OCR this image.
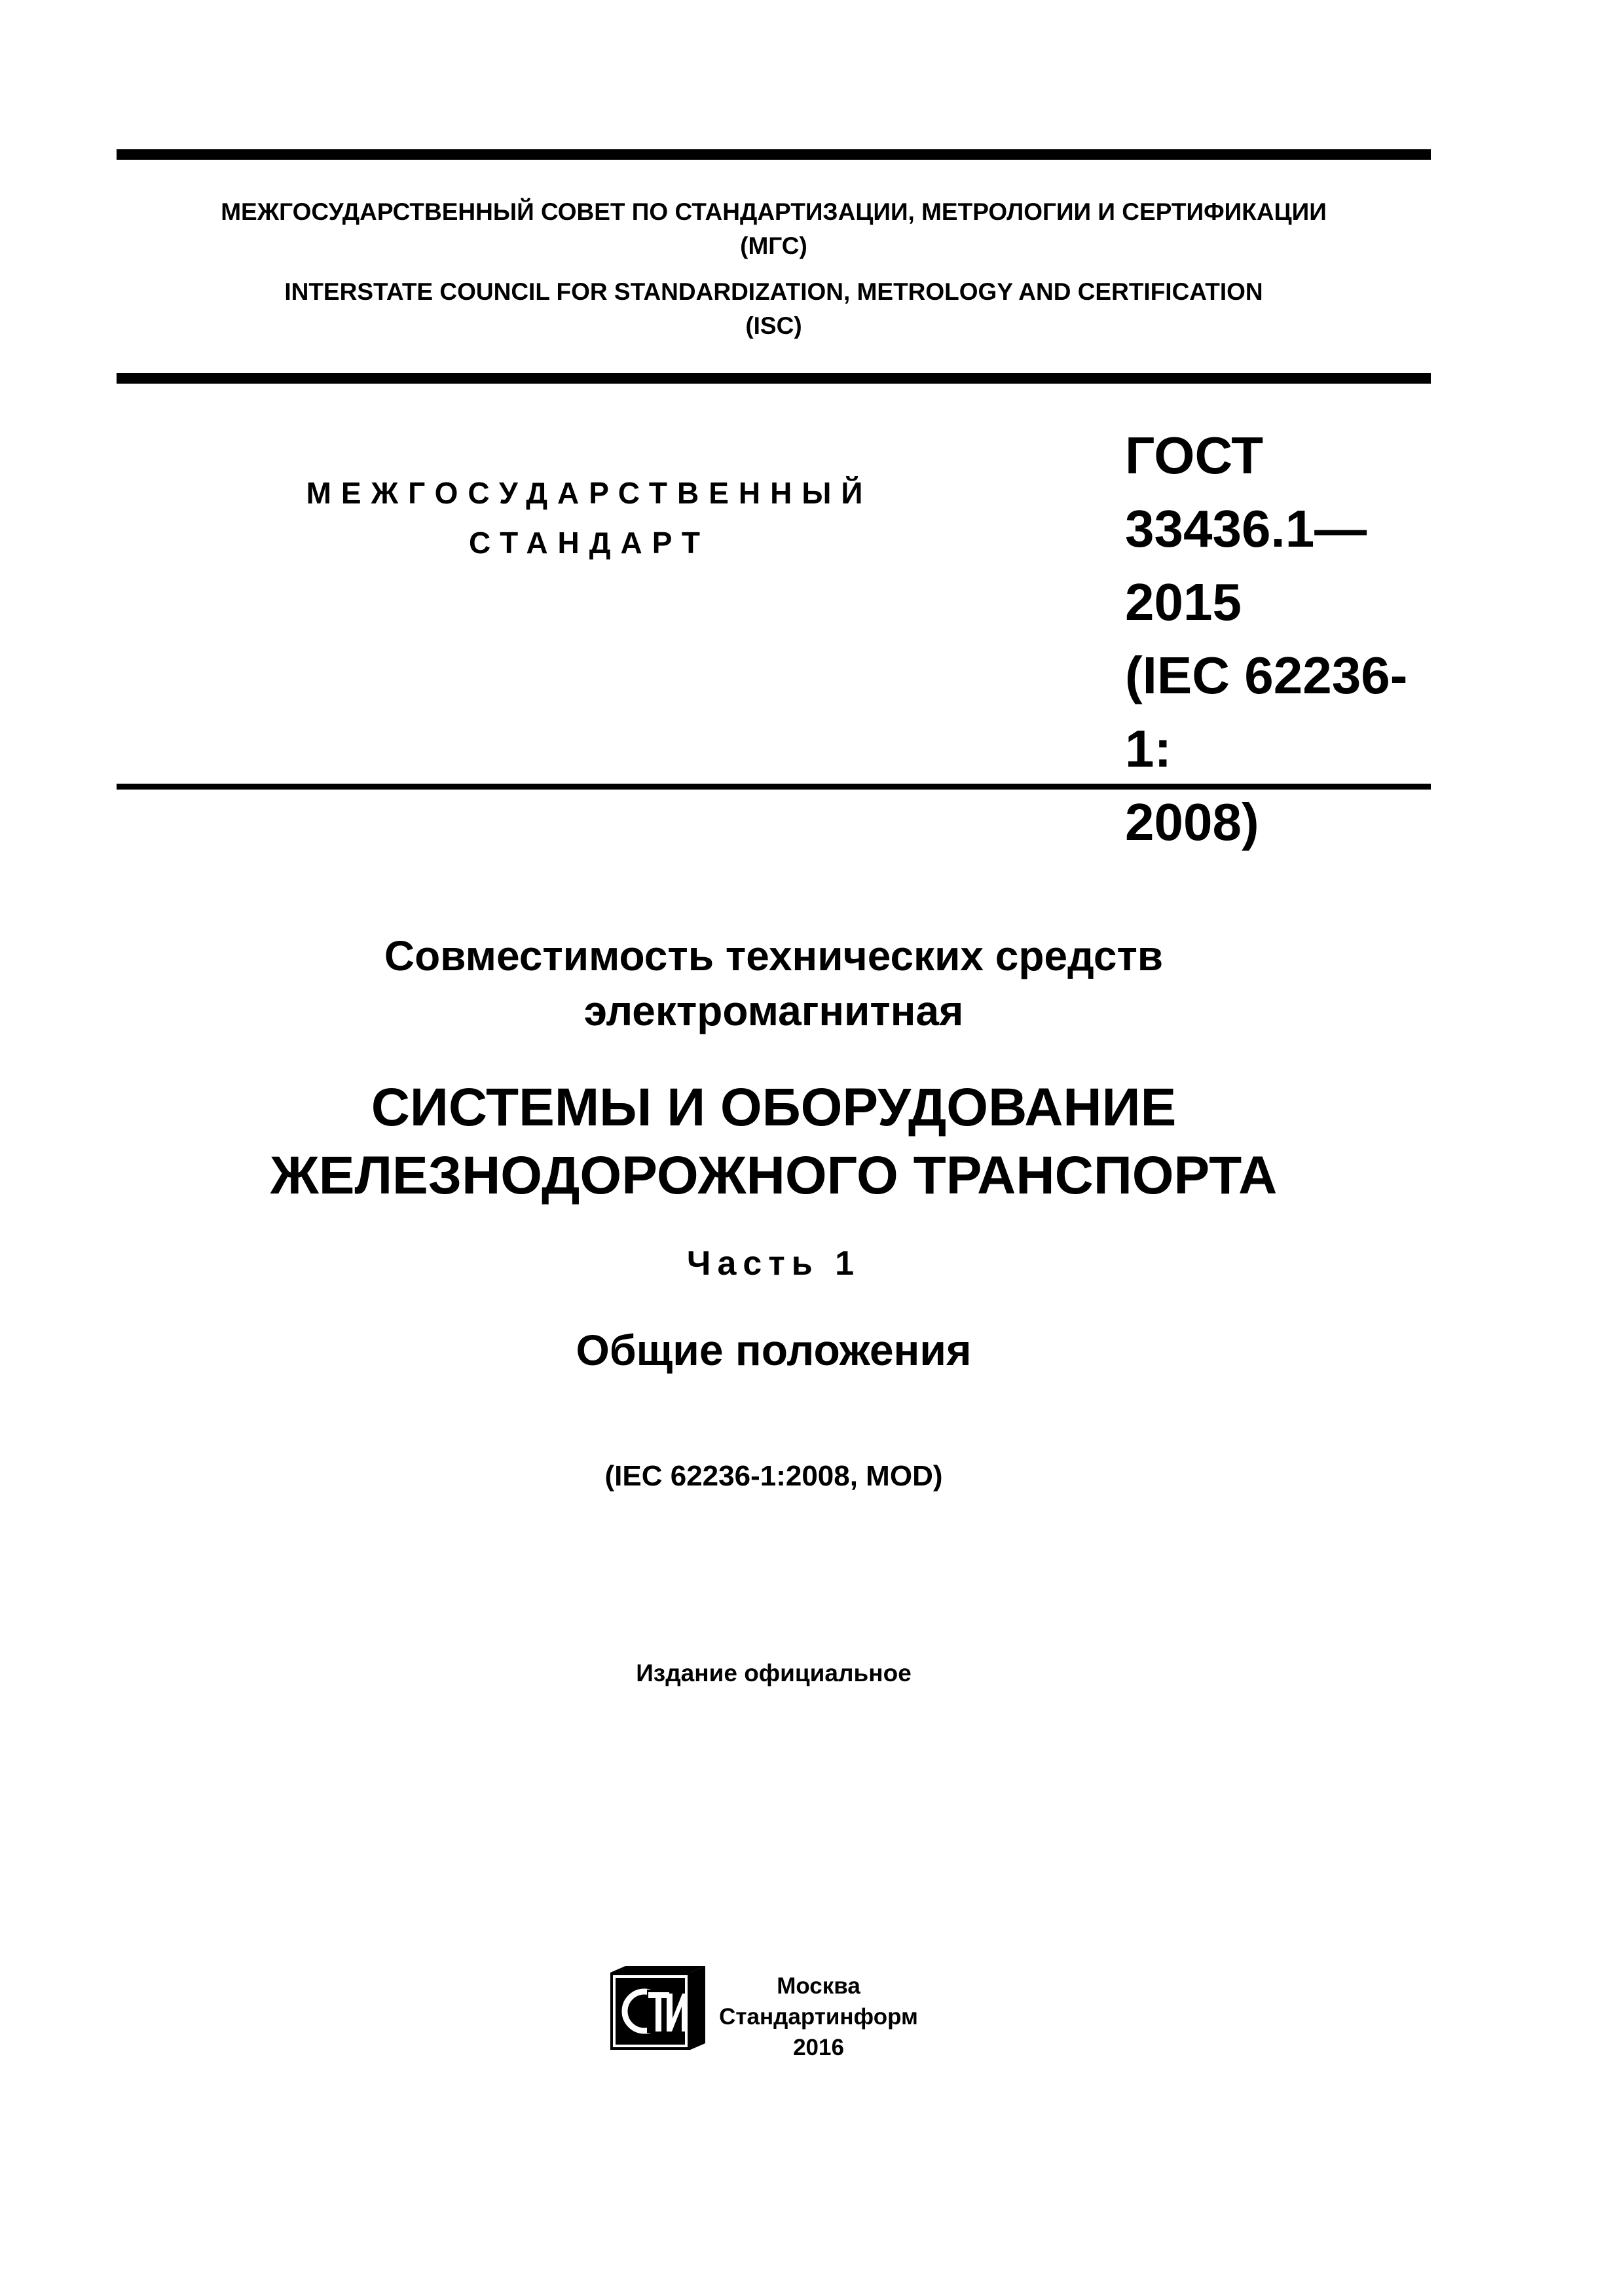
МЕЖГОСУДАРСТВЕННЫЙ СОВЕТ ПО СТАНДАРТИЗАЦИИ, МЕТРОЛОГИИ И СЕРТИФИКАЦИИ
(МГС)
INTERSTATE COUNCIL FOR STANDARDIZATION, METROLOGY AND CERTIFICATION
(ISC)
МЕЖГОСУДАРСТВЕННЫЙ
СТАНДАРТ
ГОСТ
33436.1—
2015
(IEC 62236-1:
2008)
Совместимость технических средств
электромагнитная
СИСТЕМЫ И ОБОРУДОВАНИЕ
ЖЕЛЕЗНОДОРОЖНОГО ТРАНСПОРТА
Часть 1
Общие положения
(IEC 62236-1:2008, MOD)
Издание официальное
Москва
Стандартинформ
2016
